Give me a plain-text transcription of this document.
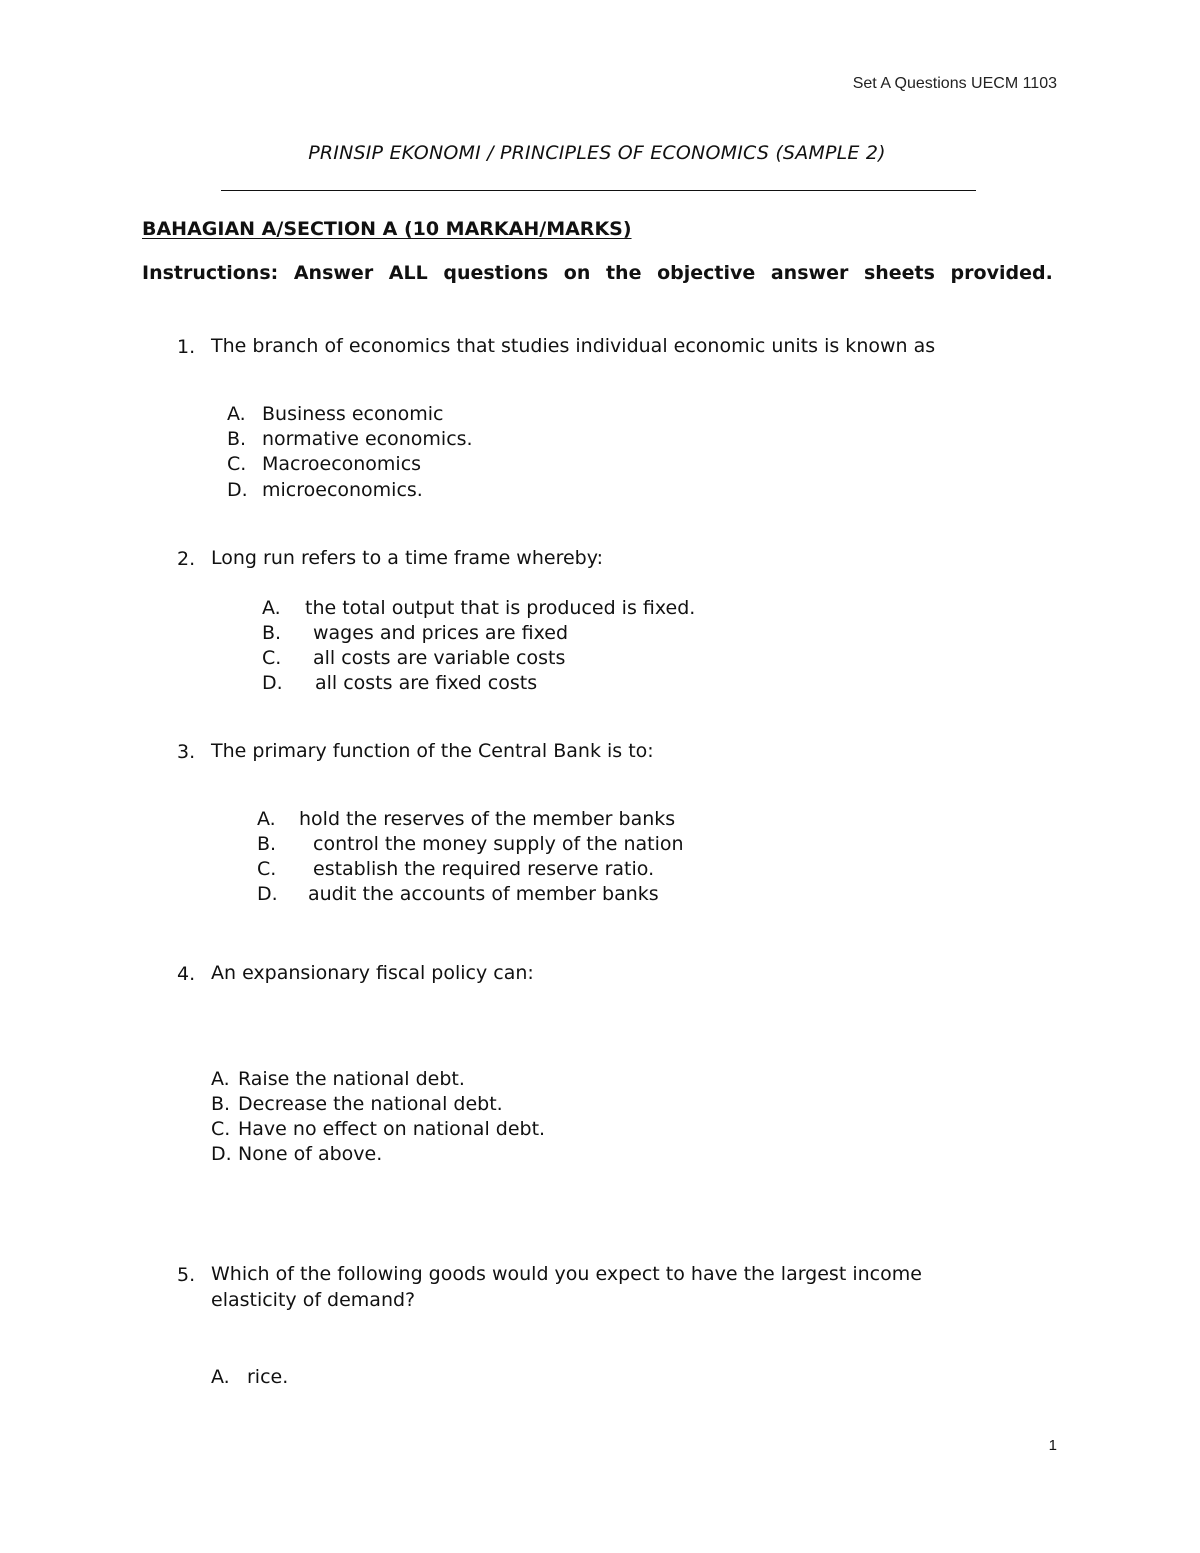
Set A Questions UECM 1103
PRINSIP EKONOMI / PRINCIPLES OF ECONOMICS (SAMPLE 2)
BAHAGIAN A/SECTION A (10 MARKAH/MARKS)
Instructions: Answer ALL questions on the objective answer sheets provided.
1. The branch of economics that studies individual economic units is known as
A. Business economic
B. normative economics.
C. Macroeconomics
D. microeconomics.
2. Long run refers to a time frame whereby:
A. the total output that is produced is fixed.
B. wages and prices are fixed
C. all costs are variable costs
D. all costs are fixed costs
3. The primary function of the Central Bank is to:
A. hold the reserves of the member banks
B. control the money supply of the nation
C. establish the required reserve ratio.
D. audit the accounts of member banks
4. An expansionary fiscal policy can:
A. Raise the national debt.
B. Decrease the national debt.
C. Have no effect on national debt.
D. None of above.
5. Which of the following goods would you expect to have the largest income
elasticity of demand?
A. rice.
1
